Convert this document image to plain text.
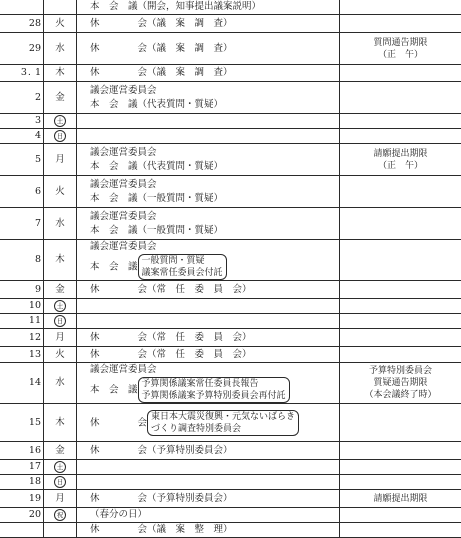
		本　会　議（開会，知事提出議案説明）	

28	火	休　　　　会（議　案　調　査）	

29	水	休　　　　会（議　案　調　査）	質問通告期限
（正　午）

3. 1	木	休　　　　会（議　案　調　査）	

2	金	議会運営委員会
本　会　議（代表質問・質疑）	

3	土		
4	日		
5	月	議会運営委員会
本　会　議（代表質問・質疑）	請願提出期限
（正　午）

6	火	議会運営委員会
本　会　議（一般質問・質疑）	

7	水	議会運営委員会
本　会　議（一般質問・質疑）	

8	木	議会運営委員会
本　会　議
一般質問・質疑
議案常任委員会付託	

9	金	休　　　　会（常　任　委　員　会）	

10	土		
11	日		
12	月	休　　　　会（常　任　委　員　会）	

13	火	休　　　　会（常　任　委　員　会）	

14	水	議会運営委員会
本　会　議
予算関係議案常任委員長報告
予算関係議案予算特別委員会再付託	予算特別委員会
質疑通告期限
（本会議終了時）

15	木	休　　　　会
東日本大震災復興・元気ないばらき
づくり調査特別委員会	

16	金	休　　　　会（予算特別委員会）	

17	土		
18	日		
19	月	休　　　　会（予算特別委員会）	請願提出期限

20	祝	（春分の日）	

		休　　　　会（議　案　整　理）	
